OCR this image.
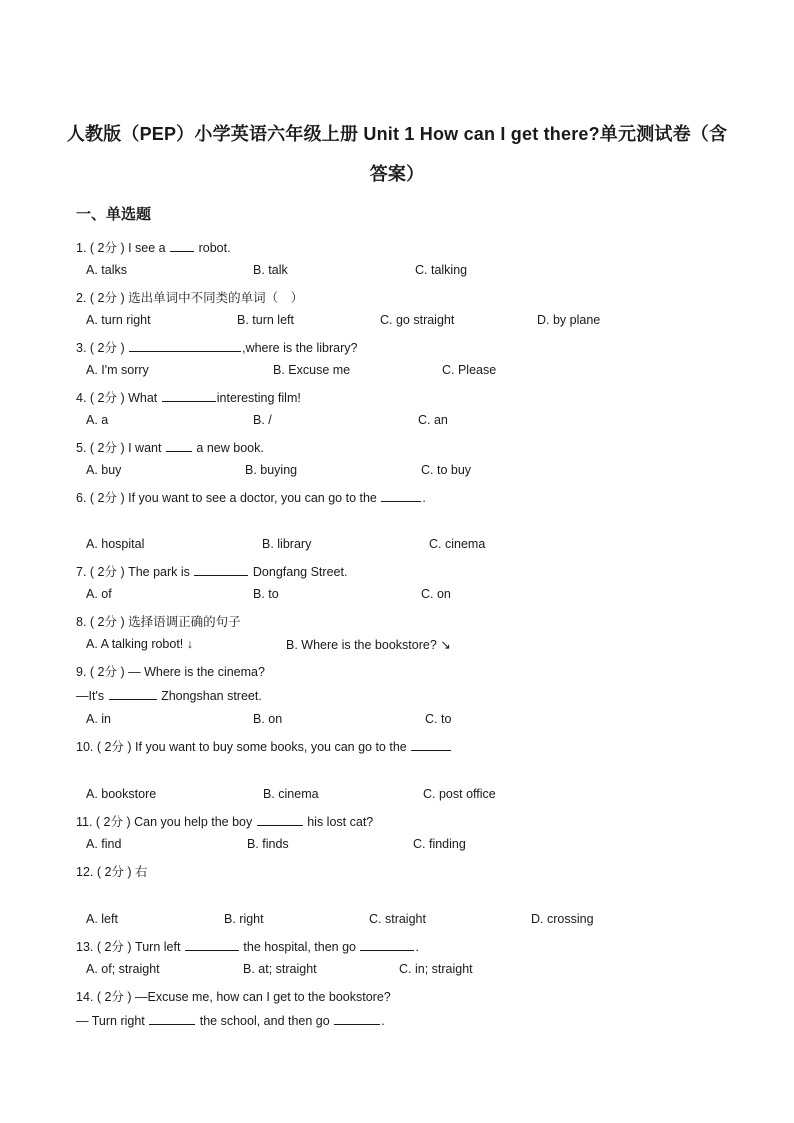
人教版（PEP）小学英语六年级上册 Unit 1 How can I get there?单元测试卷（含
答案）
一、单选题
1. ( 2分 ) I see a	robot.
A. talks	B. talk	C. talking
2. ( 2分 ) 选出单词中不同类的单词（　）
A. turn right	B. turn left	C. go straight	D. by plane
3. ( 2分 )	,where is the library?
A. I'm sorry	B. Excuse me	C. Please
4. ( 2分 ) What	interesting film!
A. a	B. /	C. an
5. ( 2分 ) I want	a new book.
A. buy	B. buying	C. to buy
6. ( 2分 ) If you want to see a doctor, you can go to the	.
A. hospital	B. library	C. cinema
7. ( 2分 ) The park is	Dongfang Street.
A. of	B. to	C. on
8. ( 2分 ) 选择语调正确的句子
A. A talking robot! ↓	B. Where is the bookstore? ↘
9. ( 2分 ) — Where is the cinema?
—It's	Zhongshan street.
A. in	B. on	C. to
10. ( 2分 ) If you want to buy some books, you can go to the
A. bookstore	B. cinema	C. post office
11. ( 2分 ) Can you help the boy	his lost cat?
A. find	B. finds	C. finding
12. ( 2分 ) 右
A. left	B. right	C. straight	D. crossing
13. ( 2分 ) Turn left	the hospital, then go	.
A. of; straight	B. at; straight	C. in; straight
14. ( 2分 ) —Excuse me, how can I get to the bookstore?
— Turn right	the school, and then go	.
